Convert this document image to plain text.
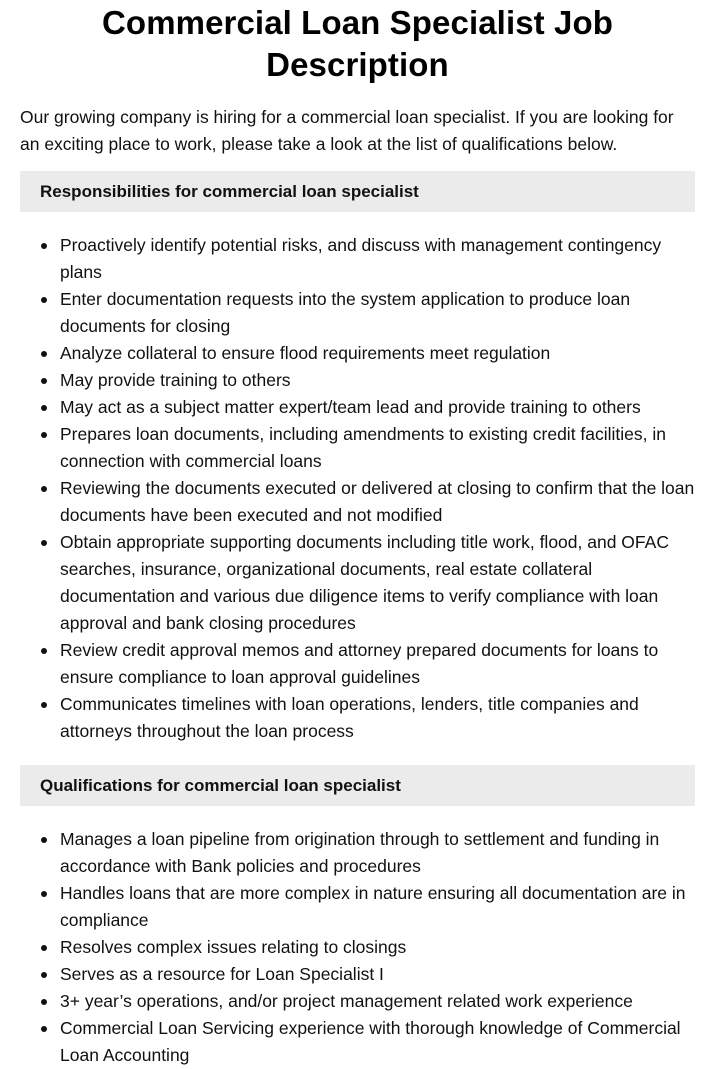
Commercial Loan Specialist Job Description

Our growing company is hiring for a commercial loan specialist. If you are looking for an exciting place to work, please take a look at the list of qualifications below.

Responsibilities for commercial loan specialist
Proactively identify potential risks, and discuss with management contingency plans
Enter documentation requests into the system application to produce loan documents for closing
Analyze collateral to ensure flood requirements meet regulation
May provide training to others
May act as a subject matter expert/team lead and provide training to others
Prepares loan documents, including amendments to existing credit facilities, in connection with commercial loans
Reviewing the documents executed or delivered at closing to confirm that the loan documents have been executed and not modified
Obtain appropriate supporting documents including title work, flood, and OFAC searches, insurance, organizational documents, real estate collateral documentation and various due diligence items to verify compliance with loan approval and bank closing procedures
Review credit approval memos and attorney prepared documents for loans to ensure compliance to loan approval guidelines
Communicates timelines with loan operations, lenders, title companies and attorneys throughout the loan process
Qualifications for commercial loan specialist
Manages a loan pipeline from origination through to settlement and funding in accordance with Bank policies and procedures
Handles loans that are more complex in nature ensuring all documentation are in compliance
Resolves complex issues relating to closings
Serves as a resource for Loan Specialist I
3+ year’s operations, and/or project management related work experience
Commercial Loan Servicing experience with thorough knowledge of Commercial Loan Accounting
